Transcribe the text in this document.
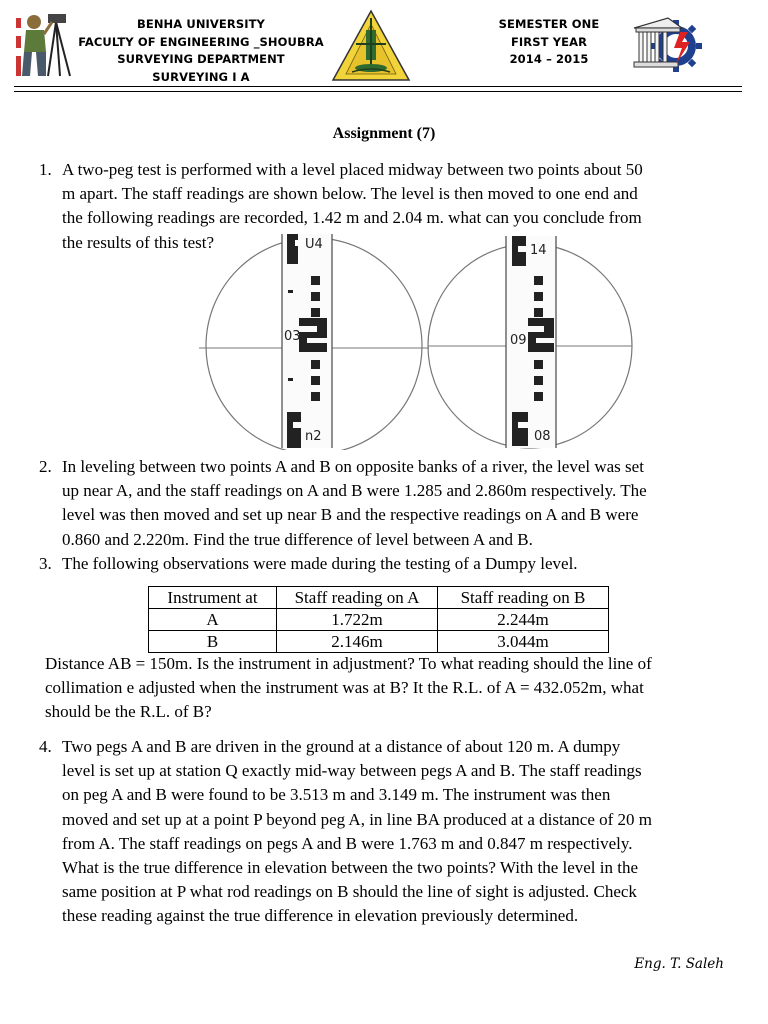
BENHA UNIVERSITY
FACULTY OF ENGINEERING _SHOUBRA
SURVEYING DEPARTMENT
SURVEYING I A
SEMESTER ONE
FIRST YEAR
2014 – 2015
Assignment (7)
1. A two-peg test is performed with a level placed midway between two points about 50
m apart. The staff readings are shown below. The level is then moved to one end and
the following readings are recorded, 1.42 m and 2.04 m. what can you conclude from
the results of this test?	U4
03
n2
14
09
08
2. In leveling between two points A and B on opposite banks of a river, the level was set
up near A, and the staff readings on A and B were 1.285 and 2.860m respectively. The
level was then moved and set up near B and the respective readings on A and B were
0.860 and 2.220m. Find the true difference of level between A and B.
3. The following observations were made during the testing of a Dumpy level.
Instrument at	Staff reading on A	Staff reading on B
A	1.722m	2.244m
B	2.146m	3.044m
Distance AB = 150m. Is the instrument in adjustment? To what reading should the line of
collimation e adjusted when the instrument was at B? It the R.L. of A = 432.052m, what
should be the R.L. of B?
4. Two pegs A and B are driven in the ground at a distance of about 120 m. A dumpy
level is set up at station Q exactly mid-way between pegs A and B. The staff readings
on peg A and B were found to be 3.513 m and 3.149 m. The instrument was then
moved and set up at a point P beyond peg A, in line BA produced at a distance of 20 m
from A. The staff readings on pegs A and B were 1.763 m and 0.847 m respectively.
What is the true difference in elevation between the two points? With the level in the
same position at P what rod readings on B should the line of sight is adjusted. Check
these reading against the true difference in elevation previously determined.
Eng. T. Saleh
